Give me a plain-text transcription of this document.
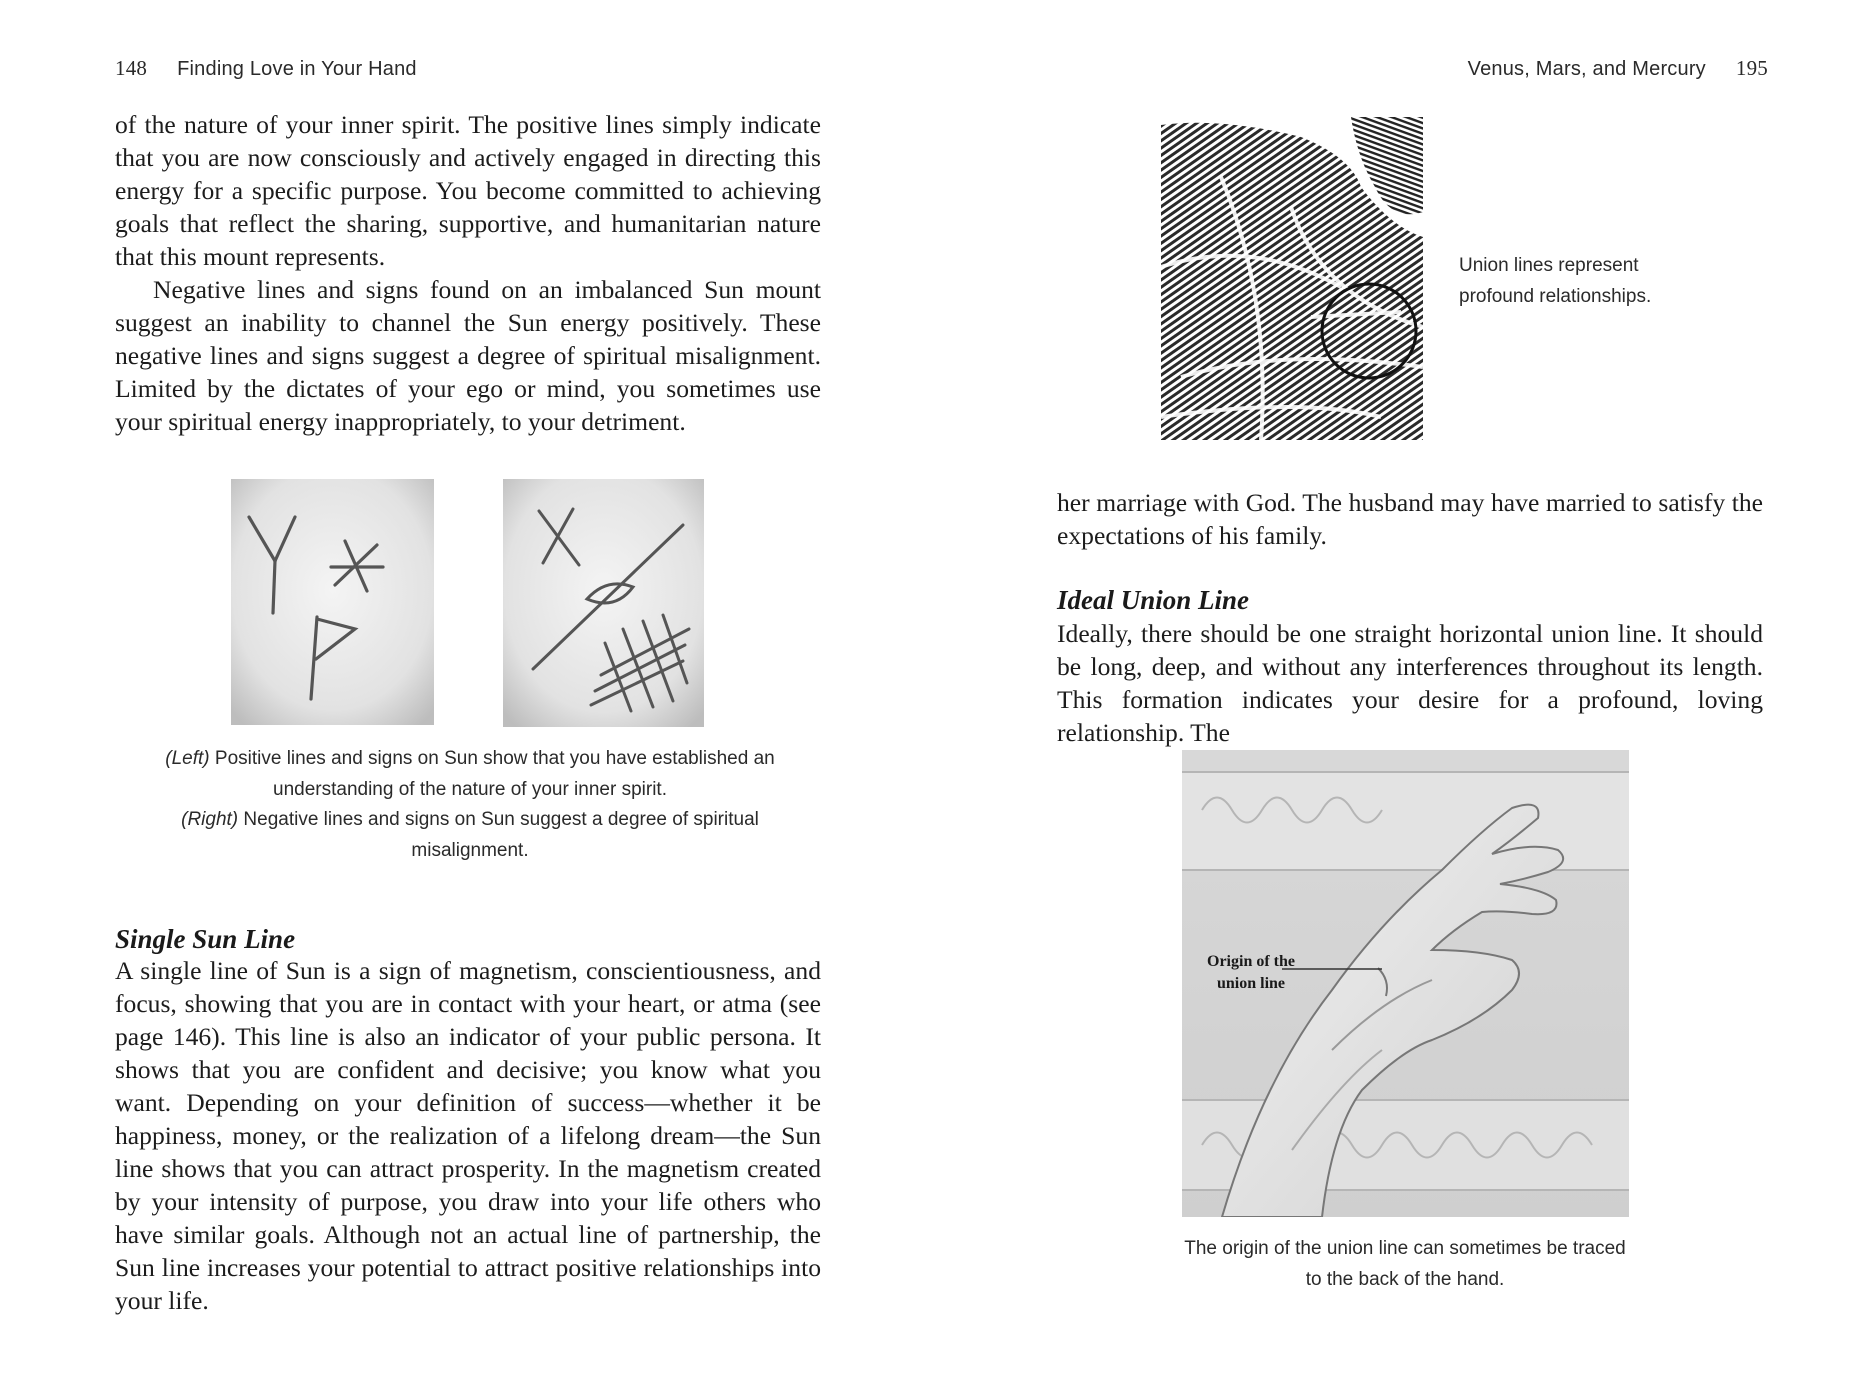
148 Finding Love in Your Hand

of the nature of your inner spirit. The positive lines simply indicate that you are now consciously and actively engaged in directing this energy for a specific purpose. You become committed to achieving goals that reflect the sharing, supportive, and humanitarian nature that this mount represents.

Negative lines and signs found on an imbalanced Sun mount suggest an inability to channel the Sun energy positively. These negative lines and signs suggest a degree of spiritual misalignment. Limited by the dictates of your ego or mind, you sometimes use your spiritual energy inappropriately, to your detriment.

(Left) Positive lines and signs on Sun show that you have established an understanding of the nature of your inner spirit.
(Right) Negative lines and signs on Sun suggest a degree of spiritual misalignment.
Single Sun Line

A single line of Sun is a sign of magnetism, conscientiousness, and focus, showing that you are in contact with your heart, or atma (see page 146). This line is also an indicator of your public persona. It shows that you are confident and decisive; you know what you want. Depending on your definition of success—whether it be happiness, money, or the realization of a lifelong dream—the Sun line shows that you can attract prosperity. In the magnetism created by your intensity of purpose, you draw into your life others who have similar goals. Although not an actual line of partnership, the Sun line increases your potential to attract positive relationships into your life.

Venus, Mars, and Mercury 195
Union lines represent
profound relationships.

her marriage with God. The husband may have married to satisfy the expectations of his family.

Ideal Union Line

Ideally, there should be one straight horizontal union line. It should be long, deep, and without any interferences throughout its length. This formation indicates your desire for a profound, loving relationship. The

Origin of the
union line
The origin of the union line can sometimes be traced to the back of the hand.
